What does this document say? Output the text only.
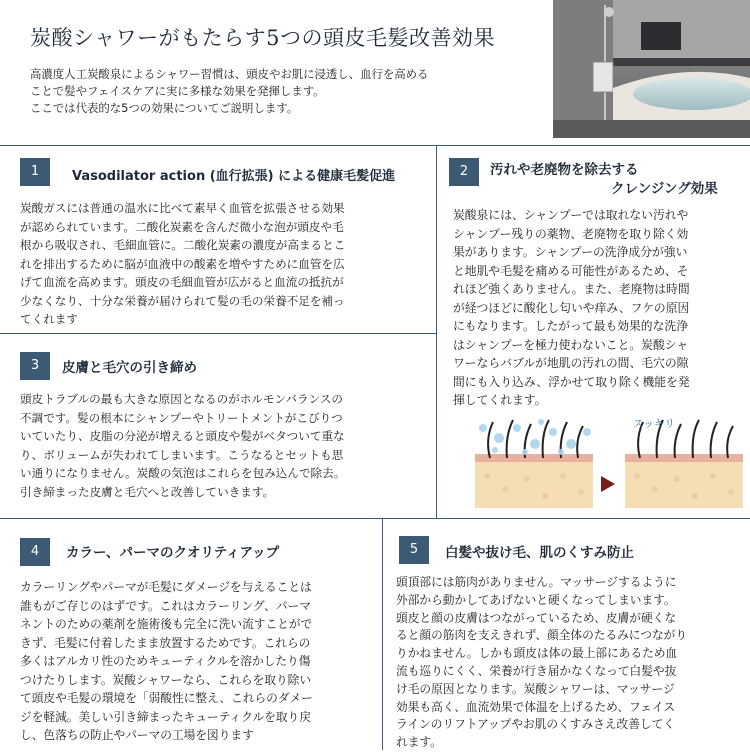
炭酸シャワーがもたらす5つの頭皮毛髪改善効果

高濃度人工炭酸泉によるシャワー習慣は、頭皮やお肌に浸透し、血行を高める

ことで髪やフェイスケアに実に多様な効果を発揮します。

ここでは代表的な5つの効果についてご説明します。

1	Vasodilator action (血行拡張) による健康毛髪促進

炭酸ガスには普通の温水に比べて素早く血管を拡張させる効果

が認められています。二酸化炭素を含んだ微小な泡が頭皮や毛

根から吸収され、毛細血管に。二酸化炭素の濃度が高まるとこ

れを排出するために脳が血液中の酸素を増やすために血管を広

げて血流を高めます。頭皮の毛細血管が広がると血流の抵抗が

少なくなり、十分な栄養が届けられて髪の毛の栄養不足を補っ

てくれます

2	汚れや老廃物を除去する
クレンジング効果

炭酸泉には、シャンプーでは取れない汚れや

シャンプー残りの薬物、老廃物を取り除く効

果があります。シャンプーの洗浄成分が強い

と地肌や毛髪を痛める可能性があるため、そ

れほど強くありません。また、老廃物は時間

が経つほどに酸化し匂いや痒み、フケの原因

にもなります。したがって最も効果的な洗浄

はシャンプーを極力使わないこと。炭酸シャ

ワーならバブルが地肌の汚れの間、毛穴の隙

間にも入り込み、浮かせて取り除く機能を発

揮してくれます。

スッキリ
3	皮膚と毛穴の引き締め

頭皮トラブルの最も大きな原因となるのがホルモンバランスの

不調です。髪の根本にシャンプーやトリートメントがこびりつ

いていたり、皮脂の分泌が増えると頭皮や髪がベタついて重な

り、ボリュームが失われてしまいます。こうなるとセットも思

い通りになりません。炭酸の気泡はこれらを包み込んで除去。

引き締まった皮膚と毛穴へと改善していきます。

4	カラー、パーマのクオリティアップ

カラーリングやパーマが毛髪にダメージを与えることは

誰もがご存じのはずです。これはカラーリング、パーマ

ネントのための薬剤を施術後も完全に洗い流すことがで

きず、毛髪に付着したまま放置するためです。これらの

多くはアルカリ性のためキューティクルを溶かしたり傷

つけたりします。炭酸シャワーなら、これらを取り除い

て頭皮や毛髪の環境を「弱酸性に整え、これらのダメー

ジを軽減。美しい引き締まったキューティクルを取り戻

し、色落ちの防止やパーマの工場を図ります

5	白髪や抜け毛、肌のくすみ防止

頭頂部には筋肉がありません。マッサージするように

外部から動かしてあげないと硬くなってしまいます。

頭皮と顔の皮膚はつながっているため、皮膚が硬くな

ると顔の筋肉を支えきれず、顔全体のたるみにつながり

りかねません。しかも頭皮は体の最上部にあるため血

流も巡りにくく、栄養が行き届かなくなって白髪や抜

け毛の原因となります。炭酸シャワーは、マッサージ

効果も高く、血流効果で体温を上げるため、フェイス

ラインのリフトアップやお肌のくすみさえ改善してく

れます。
